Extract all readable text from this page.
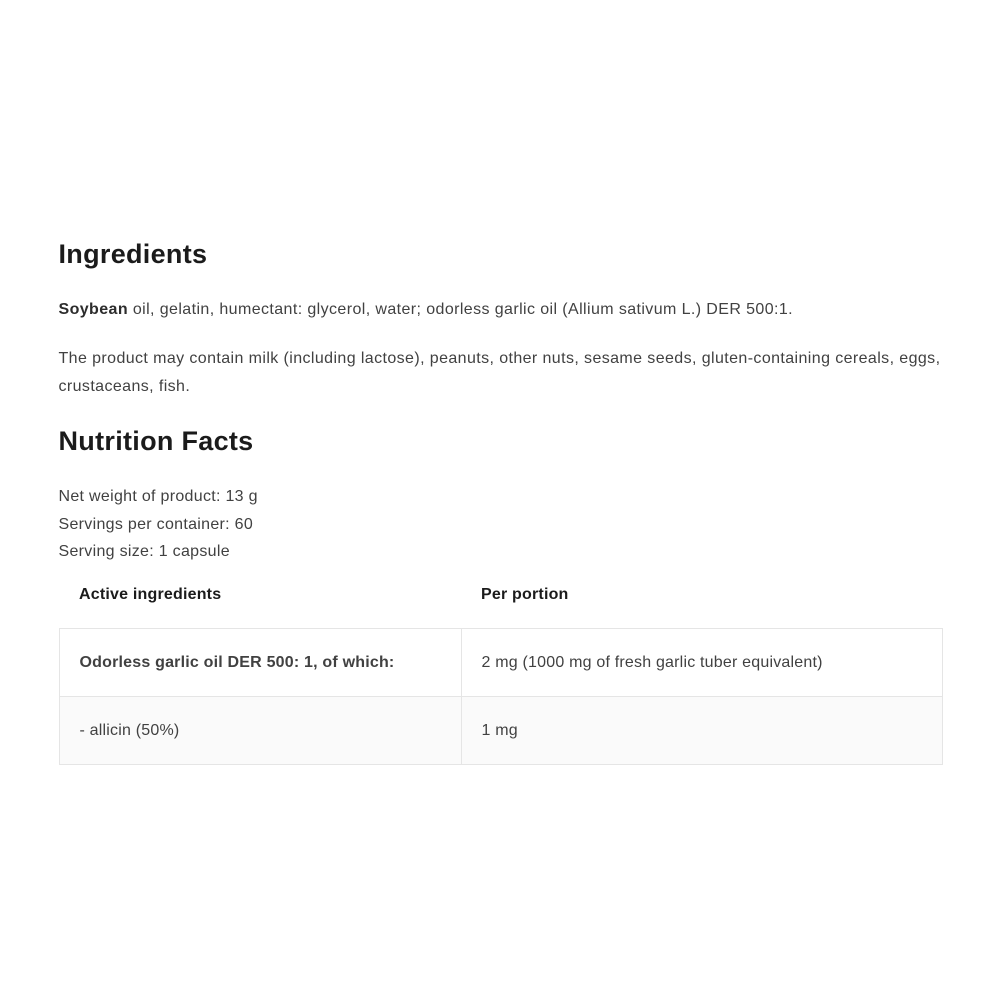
Ingredients

Soybean oil, gelatin, humectant: glycerol, water; odorless garlic oil (Allium sativum L.) DER 500:1.

The product may contain milk (including lactose), peanuts, other nuts, sesame seeds, gluten-containing cereals, eggs, crustaceans, fish.

Nutrition Facts

Net weight of product: 13 g

Servings per container: 60

Serving size: 1 capsule

Active ingredients	Per portion
Odorless garlic oil DER 500: 1, of which:	2 mg (1000 mg of fresh garlic tuber equivalent)
- allicin (50%)	1 mg
